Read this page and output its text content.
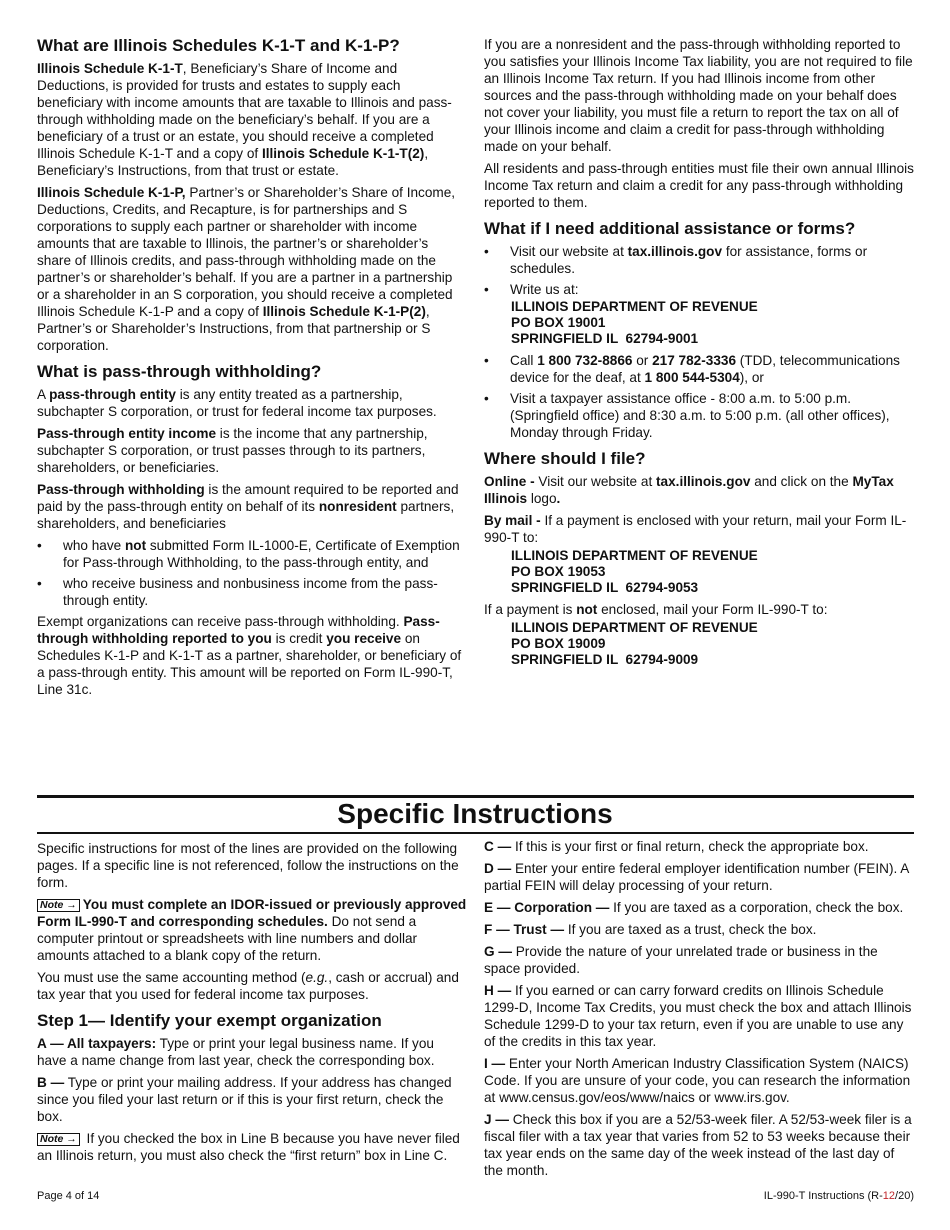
What are Illinois Schedules K-1-T and K-1-P?

Illinois Schedule K-1-T, Beneficiary’s Share of Income and Deductions, is provided for trusts and estates to supply each beneficiary with income amounts that are taxable to Illinois and pass-through withholding made on the beneficiary’s behalf. If you are a beneficiary of a trust or an estate, you should receive a completed Illinois Schedule K-1-T and a copy of Illinois Schedule K-1-T(2), Beneficiary’s Instructions, from that trust or estate.

Illinois Schedule K-1-P, Partner’s or Shareholder’s Share of Income, Deductions, Credits, and Recapture, is for partnerships and S corporations to supply each partner or shareholder with income amounts that are taxable to Illinois, the partner’s or shareholder’s share of Illinois credits, and pass-through withholding made on the partner’s or shareholder’s behalf. If you are a partner in a partnership or a shareholder in an S corporation, you should receive a completed Illinois Schedule K-1-P and a copy of Illinois Schedule K-1-P(2), Partner’s or Shareholder’s Instructions, from that partnership or S corporation.

What is pass-through withholding?

A pass-through entity is any entity treated as a partnership, subchapter S corporation, or trust for federal income tax purposes.

Pass-through entity income is the income that any partnership, subchapter S corporation, or trust passes through to its partners, shareholders, or beneficiaries.

Pass-through withholding is the amount required to be reported and paid by the pass-through entity on behalf of its nonresident partners, shareholders, and beneficiaries

• who have not submitted Form IL-1000-E, Certificate of Exemption for Pass-through Withholding, to the pass-through entity, and
• who receive business and nonbusiness income from the pass-through entity.

Exempt organizations can receive pass-through withholding. Pass-through withholding reported to you is credit you receive on Schedules K-1-P and K-1-T as a partner, shareholder, or beneficiary of a pass-through entity. This amount will be reported on Form IL-990-T, Line 31c.

If you are a nonresident and the pass-through withholding reported to you satisfies your Illinois Income Tax liability, you are not required to file an Illinois Income Tax return. If you had Illinois income from other sources and the pass-through withholding made on your behalf does not cover your liability, you must file a return to report the tax on all of your Illinois income and claim a credit for pass-through withholding made on your behalf.

All residents and pass-through entities must file their own annual Illinois Income Tax return and claim a credit for any pass-through withholding reported to them.

What if I need additional assistance or forms?
• Visit our website at tax.illinois.gov for assistance, forms or schedules.
• Write us at:
ILLINOIS DEPARTMENT OF REVENUE
PO BOX 19001
SPRINGFIELD IL  62794-9001
• Call 1 800 732-8866 or 217 782-3336 (TDD, telecommunications device for the deaf, at 1 800 544-5304), or
• Visit a taxpayer assistance office - 8:00 a.m. to 5:00 p.m. (Springfield office) and 8:30 a.m. to 5:00 p.m. (all other offices), Monday through Friday.
Where should I file?

Online - Visit our website at tax.illinois.gov and click on the MyTax Illinois logo.

By mail - If a payment is enclosed with your return, mail your Form IL-990-T to:

ILLINOIS DEPARTMENT OF REVENUE
PO BOX 19053
SPRINGFIELD IL  62794-9053

If a payment is not enclosed, mail your Form IL-990-T to:

ILLINOIS DEPARTMENT OF REVENUE
PO BOX 19009
SPRINGFIELD IL  62794-9009
Specific Instructions

Specific instructions for most of the lines are provided on the following pages. If a specific line is not referenced, follow the instructions on the form.

Note → You must complete an IDOR-issued or previously approved Form IL-990-T and corresponding schedules. Do not send a computer printout or spreadsheets with line numbers and dollar amounts attached to a blank copy of the return.

You must use the same accounting method (e.g., cash or accrual) and tax year that you used for federal income tax purposes.

Step 1— Identify your exempt organization

A — All taxpayers: Type or print your legal business name. If you have a name change from last year, check the corresponding box.

B — Type or print your mailing address. If your address has changed since you filed your last return or if this is your first return, check the box.

Note → If you checked the box in Line B because you have never filed an Illinois return, you must also check the “first return” box in Line C.

C — If this is your first or final return, check the appropriate box.

D — Enter your entire federal employer identification number (FEIN). A partial FEIN will delay processing of your return.

E — Corporation — If you are taxed as a corporation, check the box.

F — Trust — If you are taxed as a trust, check the box.

G — Provide the nature of your unrelated trade or business in the space provided.

H — If you earned or can carry forward credits on Illinois Schedule 1299-D, Income Tax Credits, you must check the box and attach Illinois Schedule 1299-D to your tax return, even if you are unable to use any of the credits in this tax year.

I — Enter your North American Industry Classification System (NAICS) Code. If you are unsure of your code, you can research the information at www.census.gov/eos/www/naics or www.irs.gov.

J — Check this box if you are a 52/53-week filer. A 52/53-week filer is a fiscal filer with a tax year that varies from 52 to 53 weeks because their tax year ends on the same day of the week instead of the last day of the month.

Page 4 of 14	IL-990-T Instructions (R-12/20)
